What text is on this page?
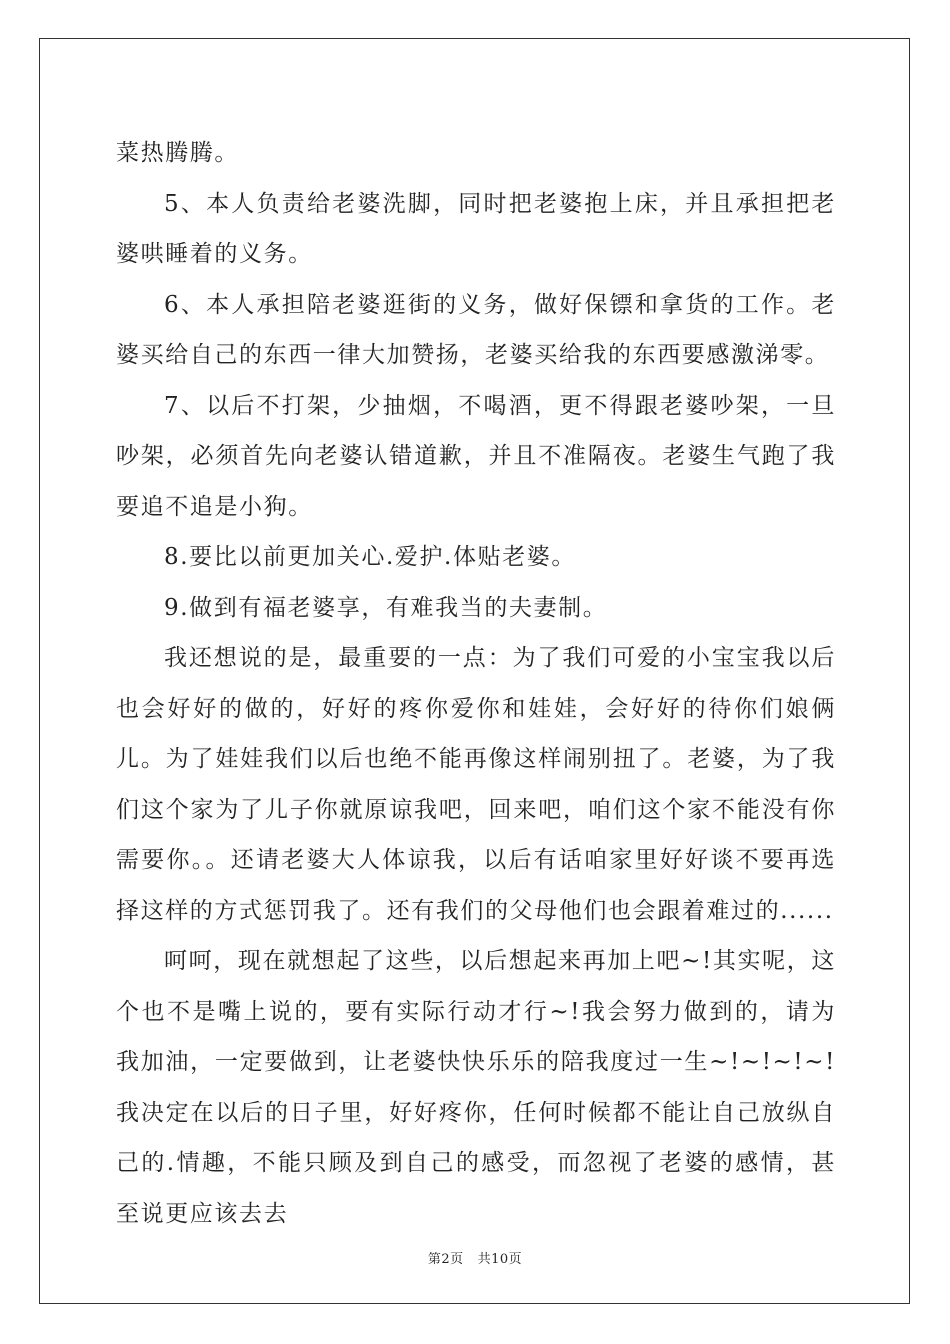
菜热腾腾。

5、本人负责给老婆洗脚，同时把老婆抱上床，并且承担把老婆哄睡着的义务。

6、本人承担陪老婆逛街的义务，做好保镖和拿货的工作。老婆买给自己的东西一律大加赞扬，老婆买给我的东西要感激涕零。

7、以后不打架，少抽烟，不喝酒，更不得跟老婆吵架，一旦吵架，必须首先向老婆认错道歉，并且不准隔夜。老婆生气跑了我要追不追是小狗。

8.要比以前更加关心.爱护.体贴老婆。

9.做到有福老婆享，有难我当的夫妻制。

我还想说的是，最重要的一点：为了我们可爱的小宝宝我以后也会好好的做的，好好的疼你爱你和娃娃，会好好的待你们娘俩儿。为了娃娃我们以后也绝不能再像这样闹别扭了。老婆，为了我们这个家为了儿子你就原谅我吧，回来吧，咱们这个家不能没有你需要你。。还请老婆大人体谅我，以后有话咱家里好好谈不要再选择这样的方式惩罚我了。还有我们的父母他们也会跟着难过的......

呵呵，现在就想起了这些，以后想起来再加上吧~!其实呢，这个也不是嘴上说的，要有实际行动才行~!我会努力做到的，请为我加油，一定要做到，让老婆快快乐乐的陪我度过一生~!~!~!~!　我决定在以后的日子里，好好疼你，任何时候都不能让自己放纵自己的.情趣，不能只顾及到自己的感受，而忽视了老婆的感情，甚至说更应该去去

第2页 共10页
